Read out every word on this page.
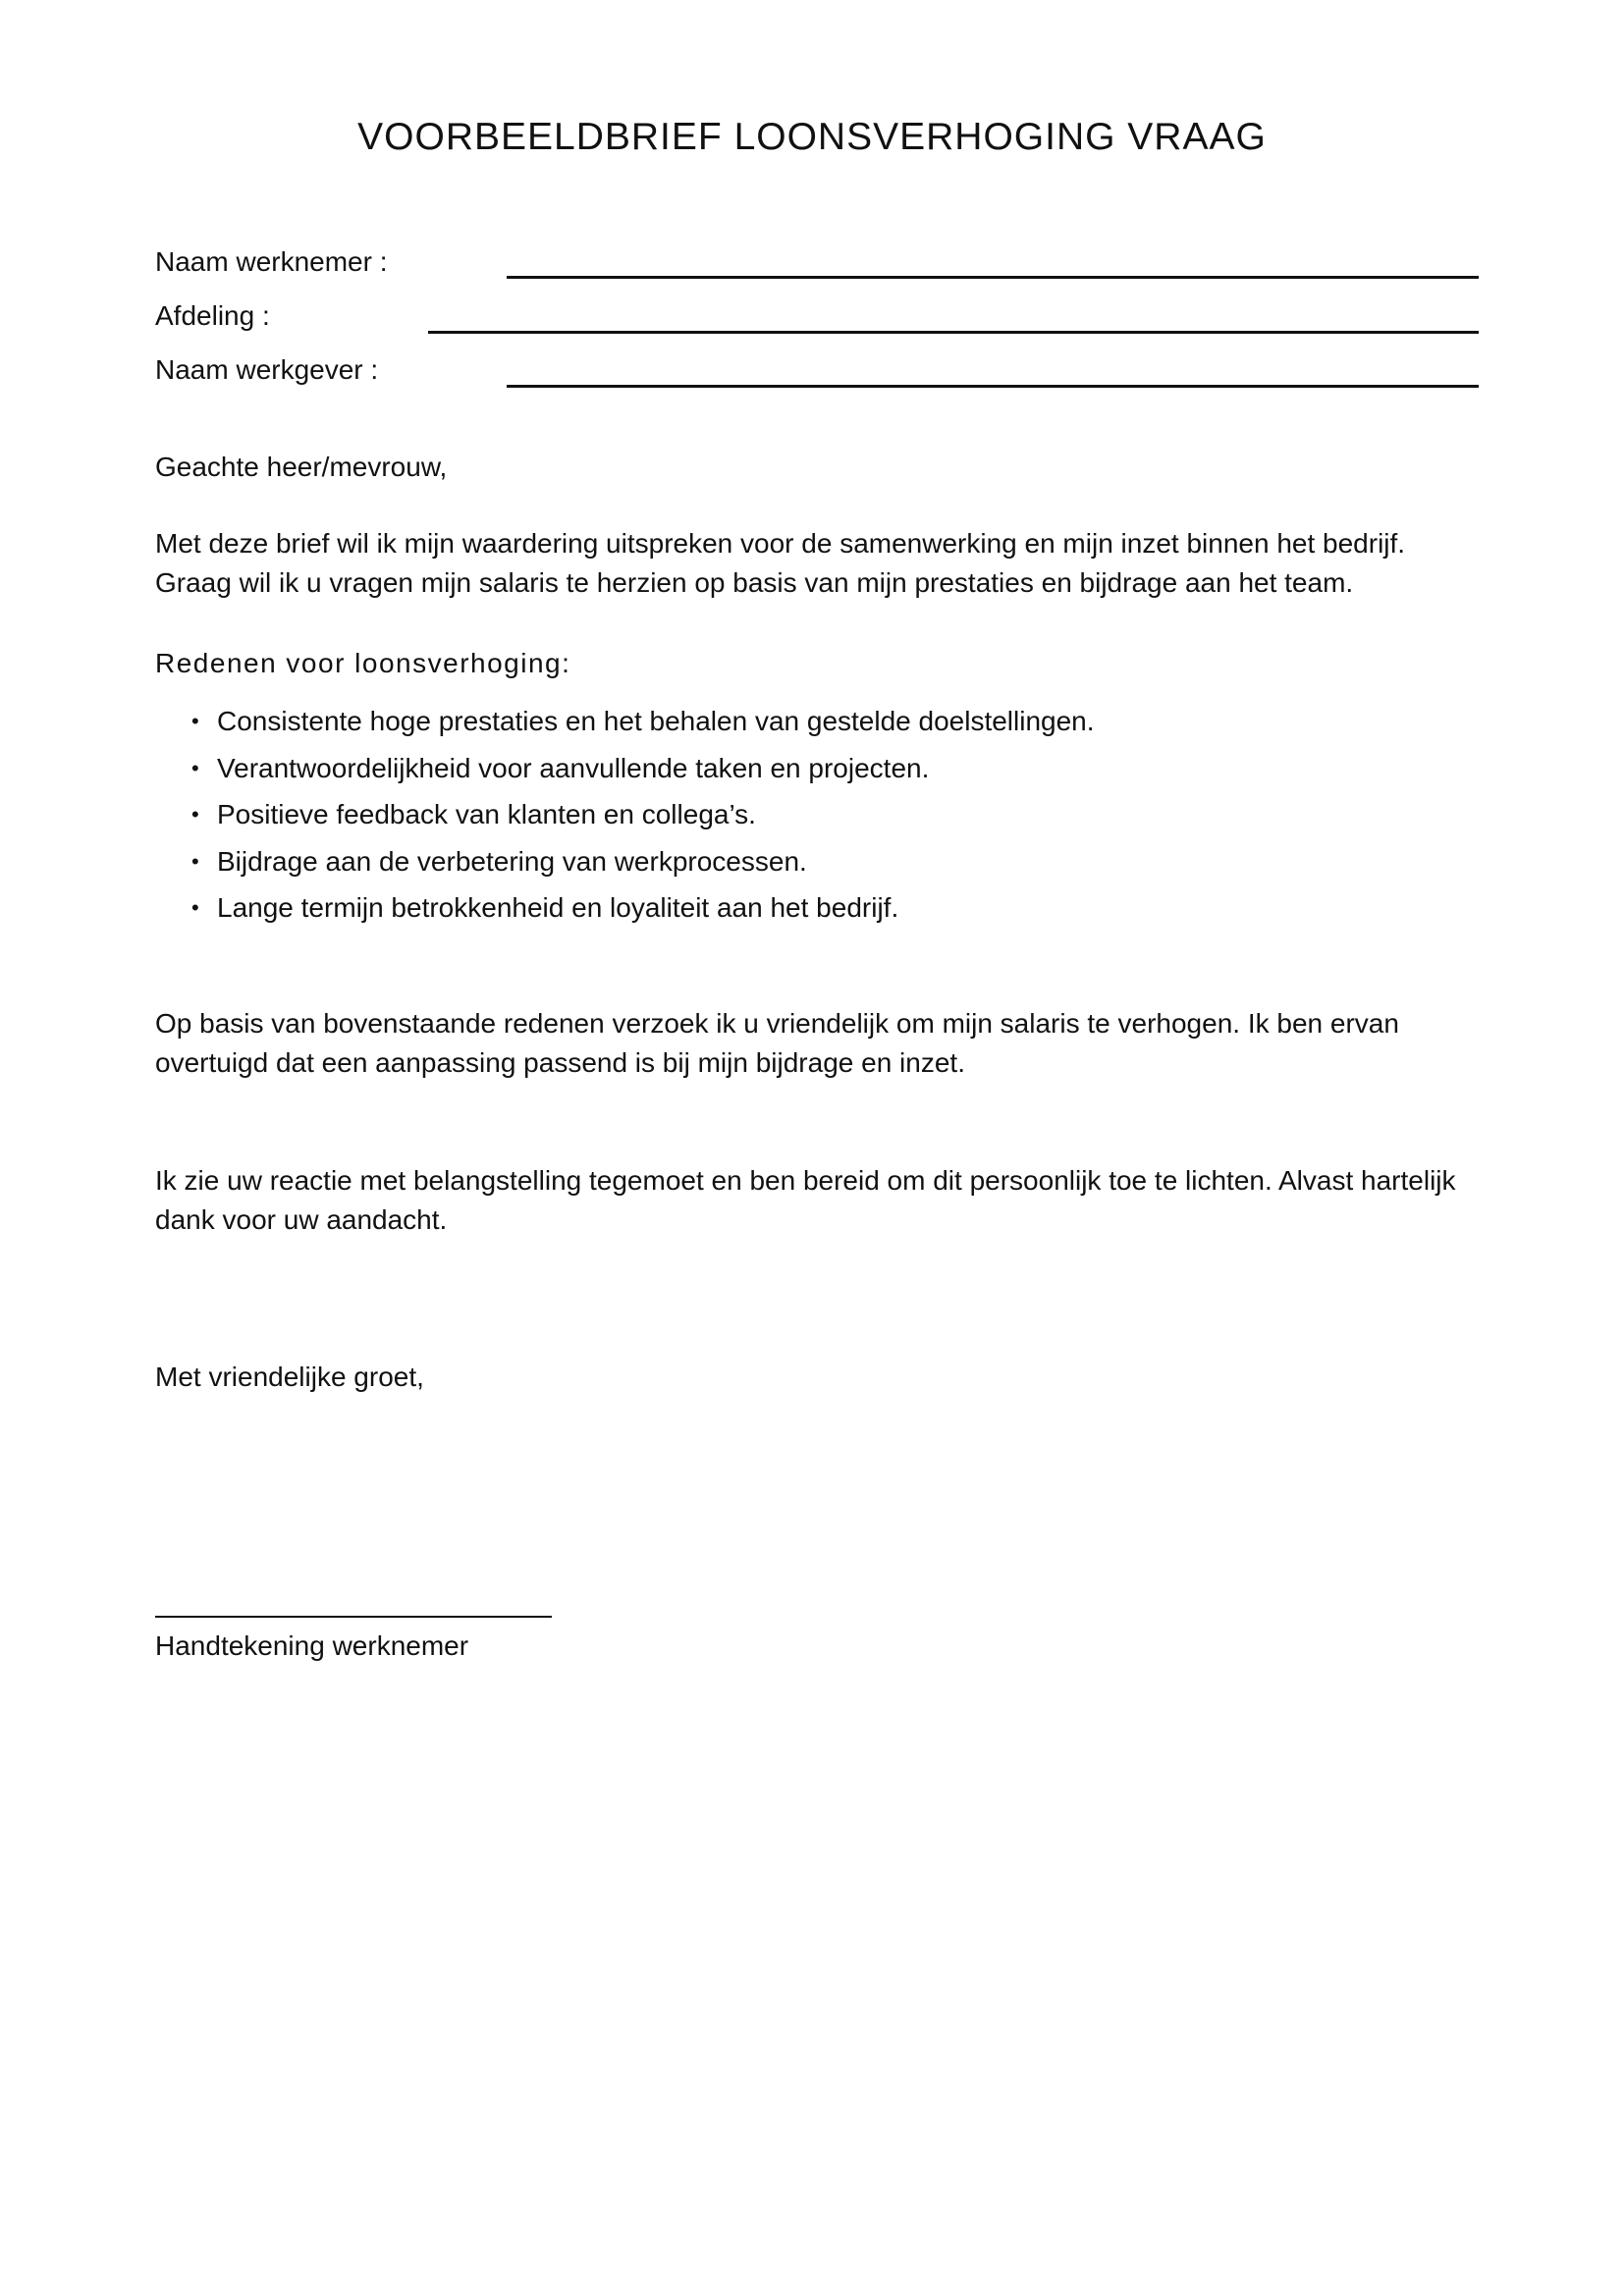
VOORBEELDBRIEF LOONSVERHOGING VRAAG
Naam werknemer :
Afdeling :
Naam werkgever :

Geachte heer/mevrouw,

Met deze brief wil ik mijn waardering uitspreken voor de samenwerking en mijn inzet binnen het bedrijf. Graag wil ik u vragen mijn salaris te herzien op basis van mijn prestaties en bijdrage aan het team.

Redenen voor loonsverhoging:

• Consistente hoge prestaties en het behalen van gestelde doelstellingen.
• Verantwoordelijkheid voor aanvullende taken en projecten.
• Positieve feedback van klanten en collega’s.
• Bijdrage aan de verbetering van werkprocessen.
• Lange termijn betrokkenheid en loyaliteit aan het bedrijf.

Op basis van bovenstaande redenen verzoek ik u vriendelijk om mijn salaris te verhogen. Ik ben ervan overtuigd dat een aanpassing passend is bij mijn bijdrage en inzet.

Ik zie uw reactie met belangstelling tegemoet en ben bereid om dit persoonlijk toe te lichten. Alvast hartelijk dank voor uw aandacht.

Met vriendelijke groet,

Handtekening werknemer
